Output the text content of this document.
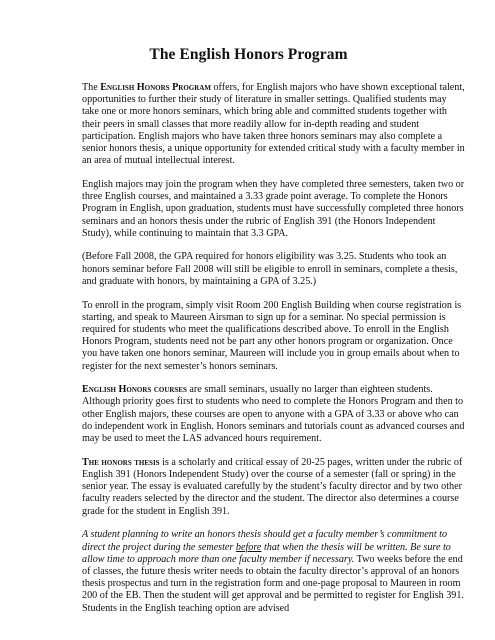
The English Honors Program

The English Honors Program offers, for English majors who have shown exceptional talent, opportunities to further their study of literature in smaller settings. Qualified students may take one or more honors seminars, which bring able and committed students together with their peers in small classes that more readily allow for in-depth reading and student participation. English majors who have taken three honors seminars may also complete a senior honors thesis, a unique opportunity for extended critical study with a faculty member in an area of mutual intellectual interest.

English majors may join the program when they have completed three semesters, taken two or three English courses, and maintained a 3.33 grade point average. To complete the Honors Program in English, upon graduation, students must have successfully completed three honors seminars and an honors thesis under the rubric of English 391 (the Honors Independent Study), while continuing to maintain that 3.3 GPA.

(Before Fall 2008, the GPA required for honors eligibility was 3.25. Students who took an honors seminar before Fall 2008 will still be eligible to enroll in seminars, complete a thesis, and graduate with honors, by maintaining a GPA of 3.25.)

To enroll in the program, simply visit Room 200 English Building when course registration is starting, and speak to Maureen Airsman to sign up for a seminar. No special permission is required for students who meet the qualifications described above. To enroll in the English Honors Program, students need not be part any other honors program or organization. Once you have taken one honors seminar, Maureen will include you in group emails about when to register for the next semester’s honors seminars.

English Honors courses are small seminars, usually no larger than eighteen students. Although priority goes first to students who need to complete the Honors Program and then to other English majors, these courses are open to anyone with a GPA of 3.33 or above who can do independent work in English. Honors seminars and tutorials count as advanced courses and may be used to meet the LAS advanced hours requirement.

The honors thesis is a scholarly and critical essay of 20-25 pages, written under the rubric of English 391 (Honors Independent Study) over the course of a semester (fall or spring) in the senior year. The essay is evaluated carefully by the student’s faculty director and by two other faculty readers selected by the director and the student. The director also determines a course grade for the student in English 391.

A student planning to write an honors thesis should get a faculty member’s commitment to direct the project during the semester before that when the thesis will be written. Be sure to allow time to approach more than one faculty member if necessary. Two weeks before the end of classes, the future thesis writer needs to obtain the faculty director’s approval of an honors thesis prospectus and turn in the registration form and one-page proposal to Maureen in room 200 of the EB. Then the student will get approval and be permitted to register for English 391. Students in the English teaching option are advised
